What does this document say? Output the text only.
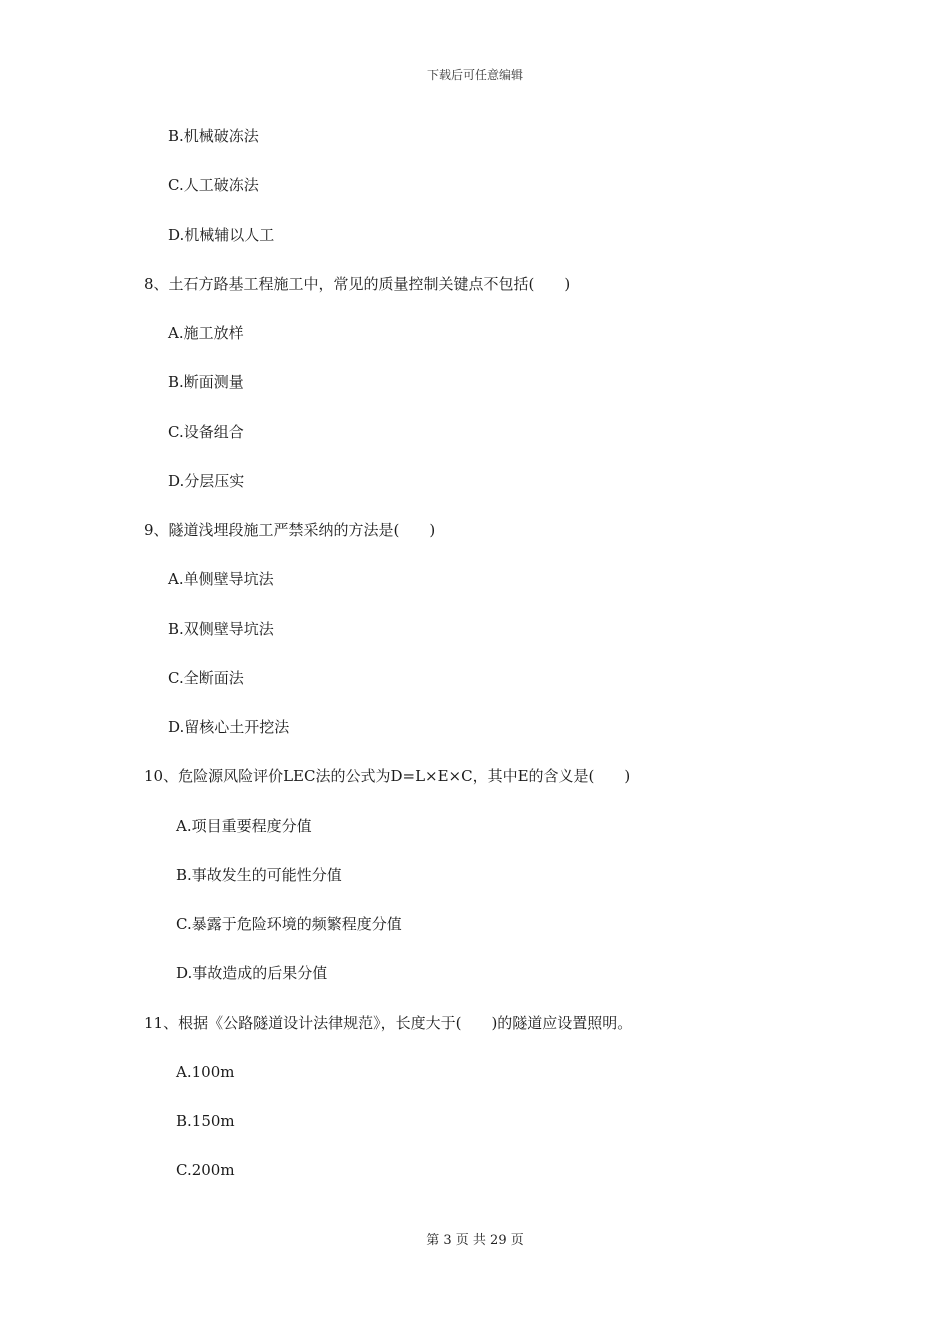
下载后可任意编辑
B.机械破冻法
C.人工破冻法
D.机械辅以人工
8、土石方路基工程施工中，常见的质量控制关键点不包括(　　)
A.施工放样
B.断面测量
C.设备组合
D.分层压实
9、隧道浅埋段施工严禁采纳的方法是(　　)
A.单侧壁导坑法
B.双侧壁导坑法
C.全断面法
D.留核心土开挖法
10、危险源风险评价LEC法的公式为D=L×E×C，其中E的含义是(　　)
A.项目重要程度分值
B.事故发生的可能性分值
C.暴露于危险环境的频繁程度分值
D.事故造成的后果分值
11、根据《公路隧道设计法律规范》，长度大于(　　)的隧道应设置照明。
A.100m
B.150m
C.200m
第 3 页 共 29 页
